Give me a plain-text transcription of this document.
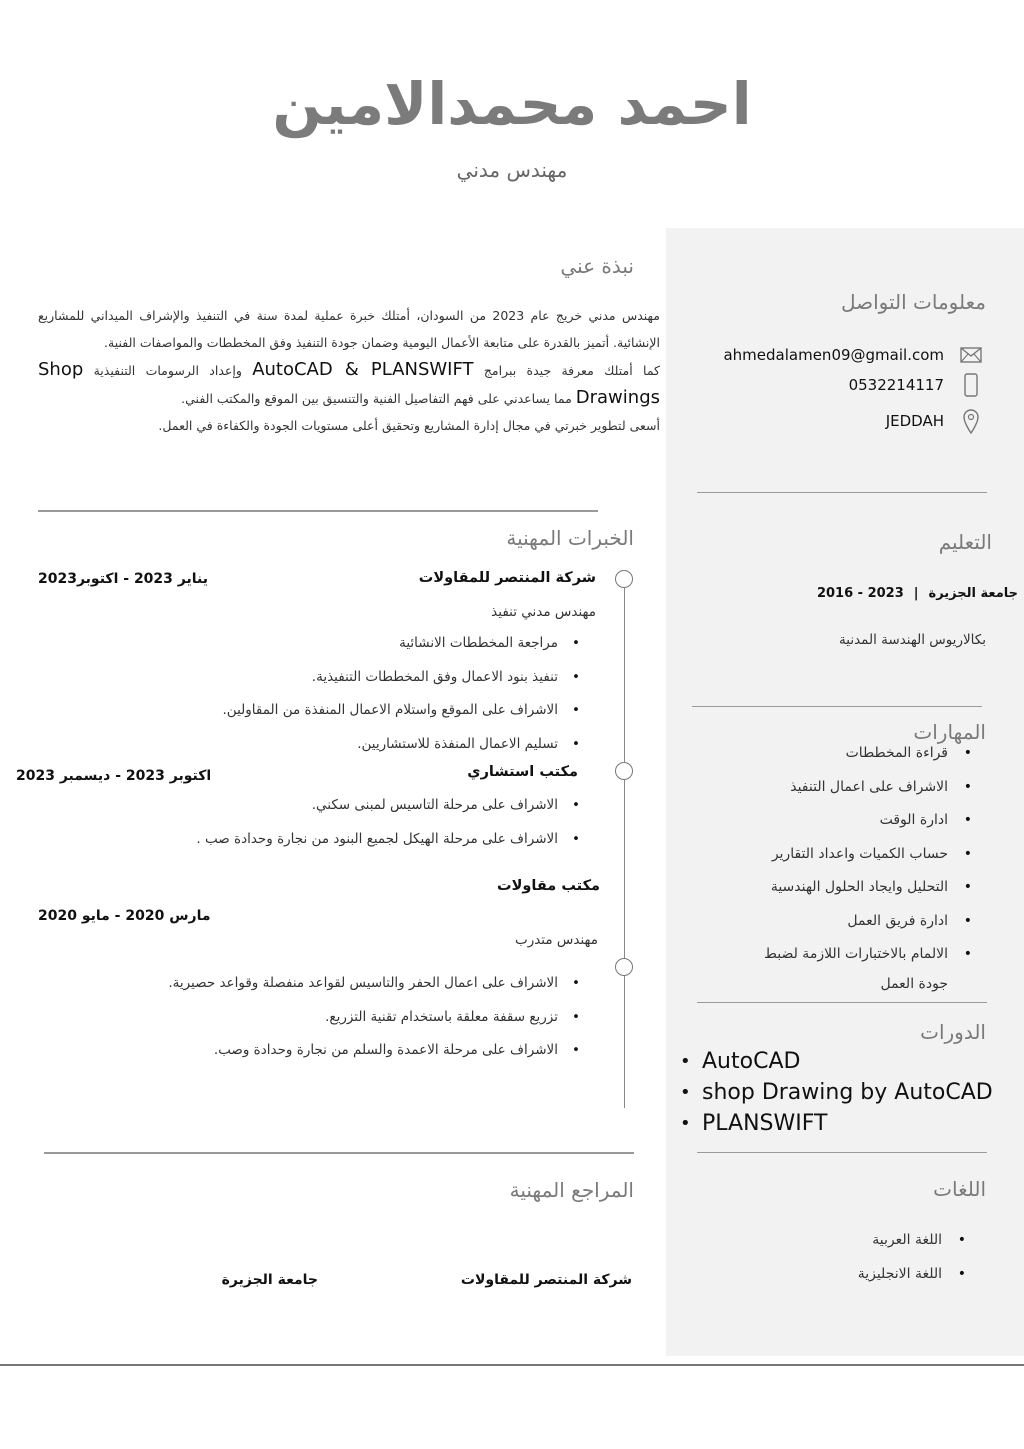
احمد محمدالامين
مهندس مدني
معلومات التواصل
ahmedalamen09@gmail.com
0532214117
JEDDAH
التعليم
جامعة الجزيرة
|
2016 - 2023
بكالاريوس الهندسة المدنية
المهارات
• قراءة المخططات
• الاشراف على اعمال التنفيذ
• ادارة الوقت
• حساب الكميات واعداد التقارير
• التحليل وايجاد الحلول الهندسية
• ادارة فريق العمل
• الالمام بالاختبارات اللازمة لضبط
جودة العمل
الدورات
• AutoCAD
• shop Drawing by AutoCAD
• PLANSWIFT
اللغات
• اللغة العربية
• اللغة الانجليزية
نبذة عني

مهندس مدني خريج عام 2023 من السودان، أمتلك خبرة عملية لمدة سنة في التنفيذ والإشراف الميداني للمشاريع الإنشائية. أتميز بالقدرة على متابعة الأعمال اليومية وضمان جودة التنفيذ وفق المخططات والمواصفات الفنية.

كما أمتلك معرفة جيدة ببرامج AutoCAD & PLANSWIFT وإعداد الرسومات التنفيذية Shop Drawings مما يساعدني على فهم التفاصيل الفنية والتنسيق بين الموقع والمكتب الفني.

أسعى لتطوير خبرتي في مجال إدارة المشاريع وتحقيق أعلى مستويات الجودة والكفاءة في العمل.

الخبرات المهنية
شركة المنتصر للمقاولات
يناير 2023 - اكتوبر2023
مهندس مدني تنفيذ
• مراجعة المخططات الانشائية
• تنفيذ بنود الاعمال وفق المخططات التنفيذية.
• الاشراف على الموقع واستلام الاعمال المنفذة من المقاولين.
• تسليم الاعمال المنفذة للاستشاريين.
مكتب استشاري
اكتوبر 2023 - ديسمبر 2023
• الاشراف على مرحلة التاسيس لمبنى سكني.
• الاشراف على مرحلة الهيكل لجميع البنود من نجارة وحدادة صب .
مكتب مقاولات
مارس 2020 - مايو 2020
مهندس متدرب
• الاشراف على اعمال الحفر والتاسيس لقواعد منفصلة وقواعد حصيرية.
• تزريع سقفة معلقة باستخدام تقنية التزريع.
• الاشراف على مرحلة الاعمدة والسلم من نجارة وحدادة وصب.
المراجع المهنية
شركة المنتصر للمقاولات
جامعة الجزيرة
